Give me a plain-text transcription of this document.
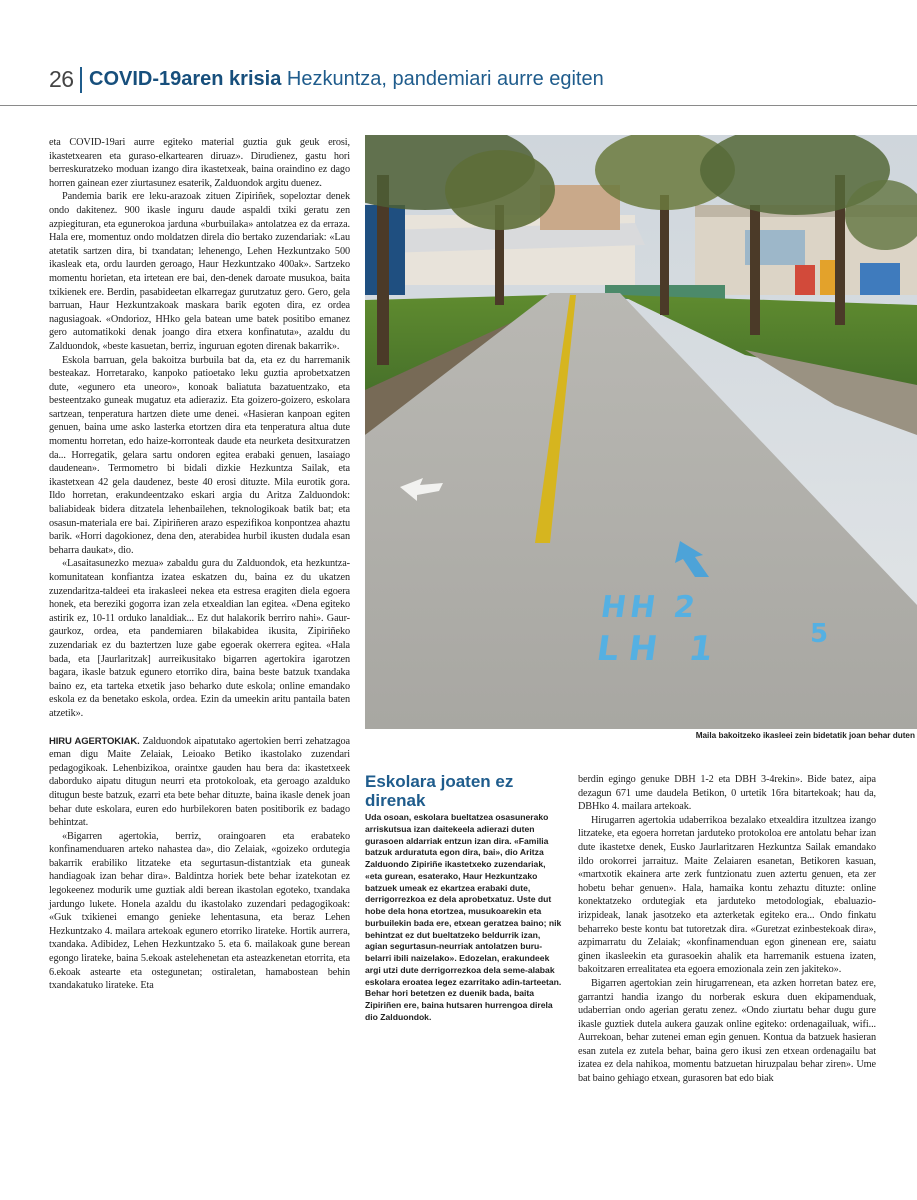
26 COVID-19aren krisia Hezkuntza, pandemiari aurre egiten

eta COVID-19ari aurre egiteko material guztia guk geuk erosi, ikastetxearen eta guraso-elkartearen diruaz». Dirudienez, gastu hori berreskuratzeko moduan izango dira ikastetxeak, baina oraindino ez dago horren gainean ezer ziurtasunez esaterik, Zalduondok argitu duenez.

Pandemia barik ere leku-arazoak zituen Zipiriñek, sopeloztar denek ondo dakitenez. 900 ikasle inguru daude aspaldi txiki geratu zen azpiegituran, eta egunerokoa jarduna «burbuilaka» antolatzea ez da erraza. Hala ere, momentuz ondo moldatzen direla dio bertako zuzendariak: «Lau atetatik sartzen dira, bi txandatan; lehenengo, Lehen Hezkuntzako 500 ikasleak eta, ordu laurden geroago, Haur Hezkuntzako 400ak». Sartzeko momentu horietan, eta irtetean ere bai, den-denek daroate musukoa, baita txikienek ere. Berdin, pasabideetan elkarregaz gurutzatuz gero. Gero, gela barruan, Haur Hezkuntzakoak maskara barik egoten dira, ez ordea nagusiagoak. «Ondorioz, HHko gela batean ume batek positibo emanez gero automatikoki denak joango dira etxera konfinatuta», azaldu du Zalduondok, «beste kasuetan, berriz, inguruan egoten direnak bakarrik».

Eskola barruan, gela bakoitza burbuila bat da, eta ez du harremanik besteakaz. Horretarako, kanpoko patioetako leku guztia aprobetxatzen dute, «egunero eta uneoro», konoak baliatuta bazatuentzako, eta besteentzako guneak mugatuz eta adieraziz. Eta goizero-goizero, eskolara sartzean, tenperatura hartzen diete ume denei. «Hasieran kanpoan egiten genuen, baina ume asko lasterka etortzen dira eta tenperatura altua dute momentu horretan, edo haize-korronteak daude eta neurketa desitxuratzen da... Horregatik, gelara sartu ondoren egitea erabaki genuen, lasaiago daudenean». Termometro bi bidali dizkie Hezkuntza Sailak, eta ikastetxean 42 gela daudenez, beste 40 erosi dituzte. Mila eurotik gora. Ildo horretan, erakundeentzako eskari argia du Aritza Zalduondok: baliabideak bidera ditzatela lehenbailehen, teknologikoak batik bat; eta osasun-materiala ere bai. Zipiriñeren arazo espezifikoa konpontzea ahaztu barik. «Horri dagokionez, dena den, aterabidea hurbil ikusten dudala esan beharra daukat», dio.

«Lasaitasunezko mezua» zabaldu gura du Zalduondok, eta hezkuntza-komunitatean konfiantza izatea eskatzen du, baina ez du ukatzen zuzendaritza-taldeei eta irakasleei nekea eta estresa eragiten diela egoera honek, eta bereziki gogorra izan zela etxealdian lan egitea. «Dena egiteko astirik ez, 10-11 orduko lanaldiak... Ez dut halakorik berriro nahi». Gaur-gaurkoz, ordea, eta pandemiaren bilakabidea ikusita, Zipiriñeko zuzendariak ez du baztertzen luze gabe egoerak okerrera egitea. «Hala bada, eta [Jaurlaritzak] aurreikusitako bigarren agertokira igarotzen bagara, ikasle batzuk egunero etorriko dira, baina beste batzuk txandaka baino ez, eta tarteka etxetik jaso beharko dute eskola; online emandako eskola ez da benetako eskola, ordea. Ezin da umeekin aritu pantaila baten atzetik».

HIRU AGERTOKIAK. Zalduondok aipatutako agertokien berri zehatzagoa eman digu Maite Zelaiak, Leioako Betiko ikastolako zuzendari pedagogikoak. Lehenbizikoa, oraintxe gauden hau bera da: ikastetxeek daborduko aipatu ditugun neurri eta protokoloak, eta geroago azalduko ditugun beste batzuk, ezarri eta bete behar dituzte, baina ikasle denek joan behar dute eskolara, euren edo hurbilekoren baten positiborik ez badago behintzat.

«Bigarren agertokia, berriz, oraingoaren eta erabateko konfinamenduaren arteko nahastea da», dio Zelaiak, «goizeko ordutegia bakarrik erabiliko litzateke eta segurtasun-distantziak eta guneak handiagoak izan behar dira». Baldintza horiek bete behar izatekotan ez legokeenez modurik ume guztiak aldi berean ikastolan egoteko, txandaka jardungo lukete. Honela azaldu du ikastolako zuzendari pedagogikoak: «Guk txikienei emango genieke lehentasuna, eta beraz Lehen Hezkuntzako 4. mailara artekoak egunero etorriko lirateke. Hortik aurrera, txandaka. Adibidez, Lehen Hezkuntzako 5. eta 6. mailakoak gune berean egongo lirateke, baina 5.ekoak astelehenetan eta asteazkenetan etorrita, eta 6.ekoak astearte eta ostegunetan; ostiraletan, hamabostean behin txandakatuko lirateke. Eta

HH 2
LH 1	5
Maila bakoitzeko ikasleei zein bidetatik joan behar duten
Eskolara joaten ez direnak
Uda osoan, eskolara bueltatzea osasunerako arriskutsua izan daitekeela adierazi duten gurasoen aldarriak entzun izan dira. «Familia batzuk arduratuta egon dira, bai», dio Aritza Zalduondo Zipiriñe ikastetxeko zuzendariak, «eta gurean, esaterako, Haur Hezkuntzako batzuek umeak ez ekartzea erabaki dute, derrigorrezkoa ez dela aprobetxatuz. Uste dut hobe dela hona etortzea, musukoarekin eta burbuilekin bada ere, etxean geratzea baino; nik behintzat ez dut bueltatzeko beldurrik izan, agian segurtasun-neurriak antolatzen buru-belarri ibili naizelako». Edozelan, erakundeek argi utzi dute derrigorrezkoa dela seme-alabak eskolara eroatea legez ezarritako adin-tarteetan. Behar hori betetzen ez duenik bada, baita Zipiriñen ere, baina hutsaren hurrengoa direla dio Zalduondok.

berdin egingo genuke DBH 1-2 eta DBH 3-4rekin». Bide batez, aipa dezagun 671 ume daudela Betikon, 0 urtetik 16ra bitartekoak; hau da, DBHko 4. mailara artekoak.

Hirugarren agertokia udaberrikoa bezalako etxealdira itzultzea izango litzateke, eta egoera horretan jarduteko protokoloa ere antolatu behar izan dute ikastetxe denek, Eusko Jaurlaritzaren Hezkuntza Sailak emandako ildo orokorrei jarraituz. Maite Zelaiaren esanetan, Betikoren kasuan, «martxotik ekainera arte zerk funtzionatu zuen aztertu genuen, eta zer hobetu behar genuen». Hala, hamaika kontu zehaztu dituzte: online konektatzeko ordutegiak eta jarduteko metodologiak, ebaluazio-irizpideak, lanak jasotzeko eta azterketak egiteko era... Ondo finkatu beharreko beste kontu bat tutoretzak dira. «Guretzat ezinbestekoak dira», azpimarratu du Zelaiak; «konfinamenduan egon ginenean ere, saiatu ginen ikasleekin eta gurasoekin ahalik eta harremanik estuena izaten, bakoitzaren errealitatea eta egoera emozionala zein zen jakiteko».

Bigarren agertokian zein hirugarrenean, eta azken horretan batez ere, garrantzi handia izango du norberak eskura duen ekipamenduak, udaberrian ondo agerian geratu zenez. «Ondo ziurtatu behar dugu gure ikasle guztiek dutela aukera gauzak online egiteko: ordenagailuak, wifi... Aurrekoan, behar zutenei eman egin genuen. Kontua da batzuek hasieran esan zutela ez zutela behar, baina gero ikusi zen etxean ordenagailu bat izatea ez dela nahikoa, momentu batzuetan hiruzpalau behar ziren». Ume bat baino gehiago etxean, gurasoren bat edo biak
